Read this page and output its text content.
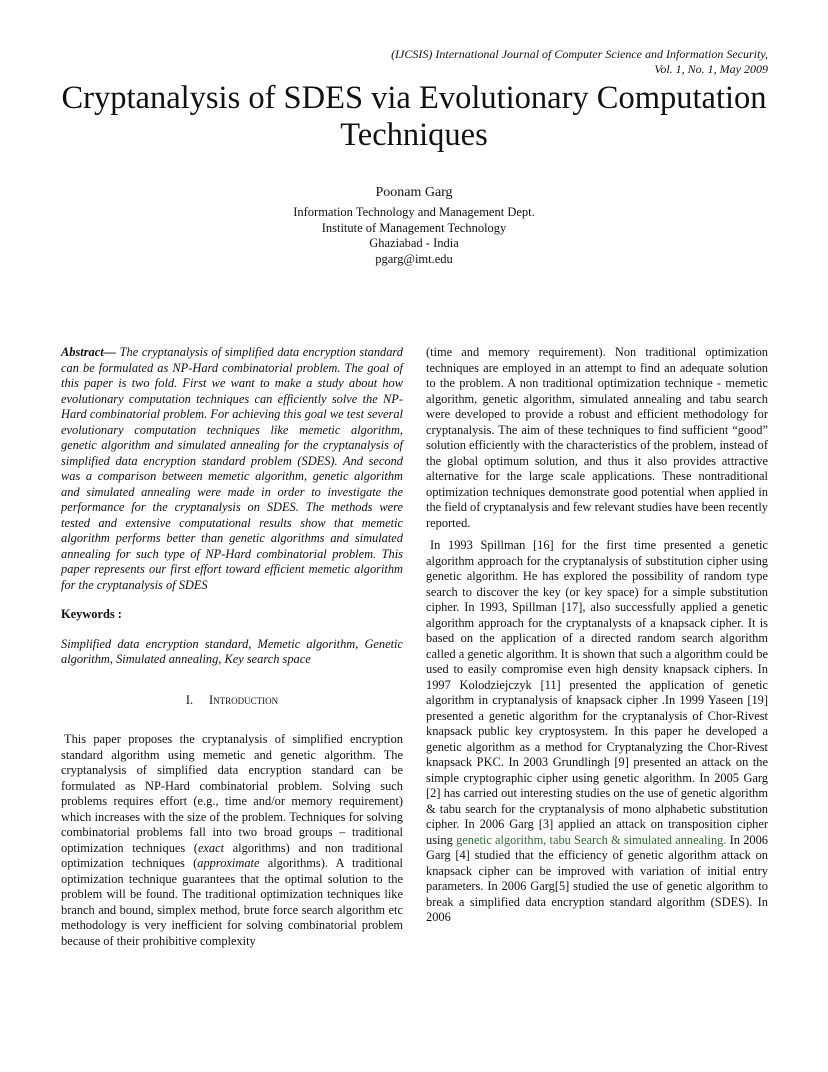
(IJCSIS) International Journal of Computer Science and Information Security,
Vol. 1, No. 1, May 2009
Cryptanalysis of SDES via Evolutionary Computation
Techniques
Poonam Garg
Information Technology and Management Dept.
Institute of Management Technology
Ghaziabad - India
pgarg@imt.edu

Abstract— The cryptanalysis of simplified data encryption standard can be formulated as NP-Hard combinatorial problem. The goal of this paper is two fold. First we want to make a study about how evolutionary computation techniques can efficiently solve the NP-Hard combinatorial problem. For achieving this goal we test several evolutionary computation techniques like memetic algorithm, genetic algorithm and simulated annealing for the cryptanalysis of simplified data encryption standard problem (SDES). And second was a comparison between memetic algorithm, genetic algorithm and simulated annealing were made in order to investigate the performance for the cryptanalysis on SDES. The methods were tested and extensive computational results show that memetic algorithm performs better than genetic algorithms and simulated annealing for such type of NP-Hard combinatorial problem. This paper represents our first effort toward efficient memetic algorithm for the cryptanalysis of SDES

Keywords :

Simplified data encryption standard, Memetic algorithm, Genetic algorithm, Simulated annealing, Key search space

I. Introduction

This paper proposes the cryptanalysis of simplified encryption standard algorithm using memetic and genetic algorithm. The cryptanalysis of simplified data encryption standard can be formulated as NP-Hard combinatorial problem. Solving such problems requires effort (e.g., time and/or memory requirement) which increases with the size of the problem. Techniques for solving combinatorial problems fall into two broad groups – traditional optimization techniques (exact algorithms) and non traditional optimization techniques (approximate algorithms). A traditional optimization technique guarantees that the optimal solution to the problem will be found. The traditional optimization techniques like branch and bound, simplex method, brute force search algorithm etc methodology is very inefficient for solving combinatorial problem because of their prohibitive complexity

(time and memory requirement). Non traditional optimization techniques are employed in an attempt to find an adequate solution to the problem. A non traditional optimization technique - memetic algorithm, genetic algorithm, simulated annealing and tabu search were developed to provide a robust and efficient methodology for cryptanalysis. The aim of these techniques to find sufficient “good” solution efficiently with the characteristics of the problem, instead of the global optimum solution, and thus it also provides attractive alternative for the large scale applications. These nontraditional optimization techniques demonstrate good potential when applied in the field of cryptanalysis and few relevant studies have been recently reported.

In 1993 Spillman [16] for the first time presented a genetic algorithm approach for the cryptanalysis of substitution cipher using genetic algorithm. He has explored the possibility of random type search to discover the key (or key space) for a simple substitution cipher. In 1993, Spillman [17], also successfully applied a genetic algorithm approach for the cryptanalysts of a knapsack cipher. It is based on the application of a directed random search algorithm called a genetic algorithm. It is shown that such a algorithm could be used to easily compromise even high density knapsack ciphers. In 1997 Kolodziejczyk [11] presented the application of genetic algorithm in cryptanalysis of knapsack cipher .In 1999 Yaseen [19] presented a genetic algorithm for the cryptanalysis of Chor-Rivest knapsack public key cryptosystem. In this paper he developed a genetic algorithm as a method for Cryptanalyzing the Chor-Rivest knapsack PKC. In 2003 Grundlingh [9] presented an attack on the simple cryptographic cipher using genetic algorithm. In 2005 Garg [2] has carried out interesting studies on the use of genetic algorithm & tabu search for the cryptanalysis of mono alphabetic substitution cipher. In 2006 Garg [3] applied an attack on transposition cipher using genetic algorithm, tabu Search & simulated annealing. In 2006 Garg [4] studied that the efficiency of genetic algorithm attack on knapsack cipher can be improved with variation of initial entry parameters. In 2006 Garg[5] studied the use of genetic algorithm to break a simplified data encryption standard algorithm (SDES). In 2006
